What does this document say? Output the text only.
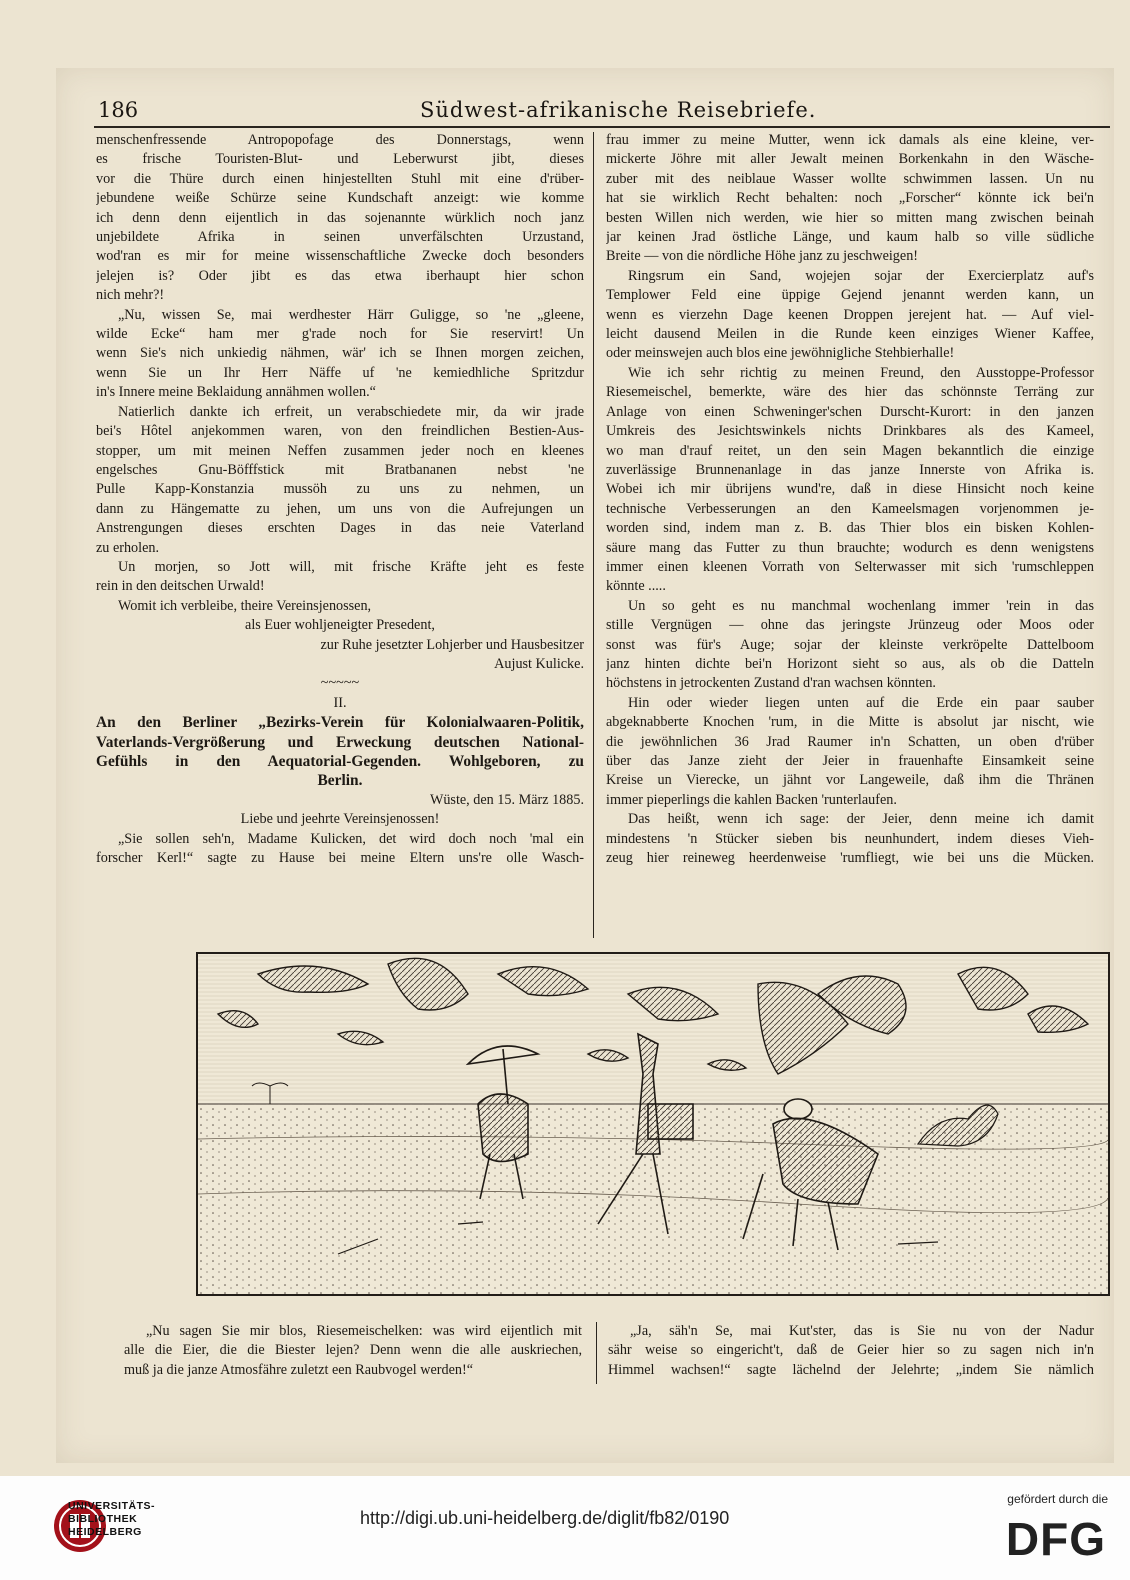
186	Südwest-afrikanische Reisebriefe.
menschenfressende Antropopofage des Donnerstags, wenn
es frische Touristen-Blut- und Leberwurst jibt, dieses
vor die Thüre durch einen hinjestellten Stuhl mit eine d'rüber-
jebundene weiße Schürze seine Kundschaft anzeigt: wie komme
ich denn denn eijentlich in das sojenannte würklich noch janz
unjebildete Afrika in seinen unverfälschten Urzustand,
wod'ran es mir for meine wissenschaftliche Zwecke doch besonders
jelejen is? Oder jibt es das etwa iberhaupt hier schon
nich mehr?!
„Nu, wissen Se, mai werdhester Härr Guligge, so 'ne „gleene,
wilde Ecke“ ham mer g'rade noch for Sie reservirt! Un
wenn Sie's nich unkiedig nähmen, wär' ich se Ihnen morgen zeichen,
wenn Sie un Ihr Herr Näffe uf 'ne kemiedhliche Spritzdur
in's Innere meine Beklaidung annähmen wollen.“
Natierlich dankte ich erfreit, un verabschiedete mir, da wir jrade
bei's Hôtel anjekommen waren, von den freindlichen Bestien-Aus-
stopper, um mit meinen Neffen zusammen jeder noch en kleenes
engelsches Gnu-Böfffstick mit Bratbananen nebst 'ne
Pulle Kapp-Konstanzia mussöh zu uns zu nehmen, un
dann zu Hängematte zu jehen, um uns von die Aufrejungen un
Anstrengungen dieses erschten Dages in das neie Vaterland
zu erholen.
Un morjen, so Jott will, mit frische Kräfte jeht es feste
rein in den deitschen Urwald!
Womit ich verbleibe, theire Vereinsjenossen,
als Euer wohljeneigter Presedent,
zur Ruhe jesetzter Lohjerber und Hausbesitzer
Aujust Kulicke.
~~~~~
II.
An den Berliner „Bezirks-Verein für Kolonialwaaren-Politik,
Vaterlands-Vergrößerung und Erweckung deutschen National-
Gefühls in den Aequatorial-Gegenden. Wohlgeboren, zu
Berlin.
Wüste, den 15. März 1885.
Liebe und jeehrte Vereinsjenossen!
„Sie sollen seh'n, Madame Kulicken, det wird doch noch 'mal ein
forscher Kerl!“ sagte zu Hause bei meine Eltern uns're olle Wasch-
frau immer zu meine Mutter, wenn ick damals als eine kleine, ver-
mickerte Jöhre mit aller Jewalt meinen Borkenkahn in den Wäsche-
zuber mit des neiblaue Wasser wollte schwimmen lassen. Un nu
hat sie wirklich Recht behalten: noch „Forscher“ könnte ick bei'n
besten Willen nich werden, wie hier so mitten mang zwischen beinah
jar keinen Jrad östliche Länge, und kaum halb so ville südliche
Breite — von die nördliche Höhe janz zu jeschweigen!
Ringsrum ein Sand, wojejen sojar der Exercierplatz auf's
Templower Feld eine üppige Gejend jenannt werden kann, un
wenn es vierzehn Dage keenen Droppen jerejent hat. — Auf viel-
leicht dausend Meilen in die Runde keen einziges Wiener Kaffee,
oder meinswejen auch blos eine jewöhnigliche Stehbierhalle!
Wie ich sehr richtig zu meinen Freund, den Ausstoppe-Professor
Riesemeischel, bemerkte, wäre des hier das schönnste Terräng zur
Anlage von einen Schweninger'schen Durscht-Kurort: in den janzen
Umkreis des Jesichtswinkels nichts Drinkbares als des Kameel,
wo man d'rauf reitet, un den sein Magen bekanntlich die einzige
zuverlässige Brunnenanlage in das janze Innerste von Afrika is.
Wobei ich mir übrijens wund're, daß in diese Hinsicht noch keine
technische Verbesserungen an den Kameelsmagen vorjenommen je-
worden sind, indem man z. B. das Thier blos ein bisken Kohlen-
säure mang das Futter zu thun brauchte; wodurch es denn wenigstens
immer einen kleenen Vorrath von Selterwasser mit sich 'rumschleppen
könnte .....
Un so geht es nu manchmal wochenlang immer 'rein in das
stille Vergnügen — ohne das jeringste Jrünzeug oder Moos oder
sonst was für's Auge; sojar der kleinste verkröpelte Dattelboom
janz hinten dichte bei'n Horizont sieht so aus, als ob die Datteln
höchstens in jetrockenten Zustand d'ran wachsen könnten.
Hin oder wieder liegen unten auf die Erde ein paar sauber
abgeknabberte Knochen 'rum, in die Mitte is absolut jar nischt, wie
die jewöhnlichen 36 Jrad Raumer in'n Schatten, un oben d'rüber
über das Janze zieht der Jeier in frauenhafte Einsamkeit seine
Kreise un Vierecke, un jähnt vor Langeweile, daß ihm die Thränen
immer pieperlings die kahlen Backen 'runterlaufen.
Das heißt, wenn ich sage: der Jeier, denn meine ich damit
mindestens 'n Stücker sieben bis neunhundert, indem dieses Vieh-
zeug hier reineweg heerdenweise 'rumfliegt, wie bei uns die Mücken.
„Nu sagen Sie mir blos, Riesemeischelken: was wird eijentlich mit
alle die Eier, die die Biester lejen? Denn wenn die alle auskriechen,
muß ja die janze Atmosfähre zuletzt een Raubvogel werden!“
„Ja, säh'n Se, mai Kut'ster, das is Sie nu von der Nadur
sähr weise so eingericht't, daß de Geier hier so zu sagen nich in'n
Himmel wachsen!“ sagte lächelnd der Jelehrte; „indem Sie nämlich
UNIVERSITÄTS-
BIBLIOTHEK
HEIDELBERG
http://digi.ub.uni-heidelberg.de/diglit/fb82/0190
gefördert durch die
DFG
